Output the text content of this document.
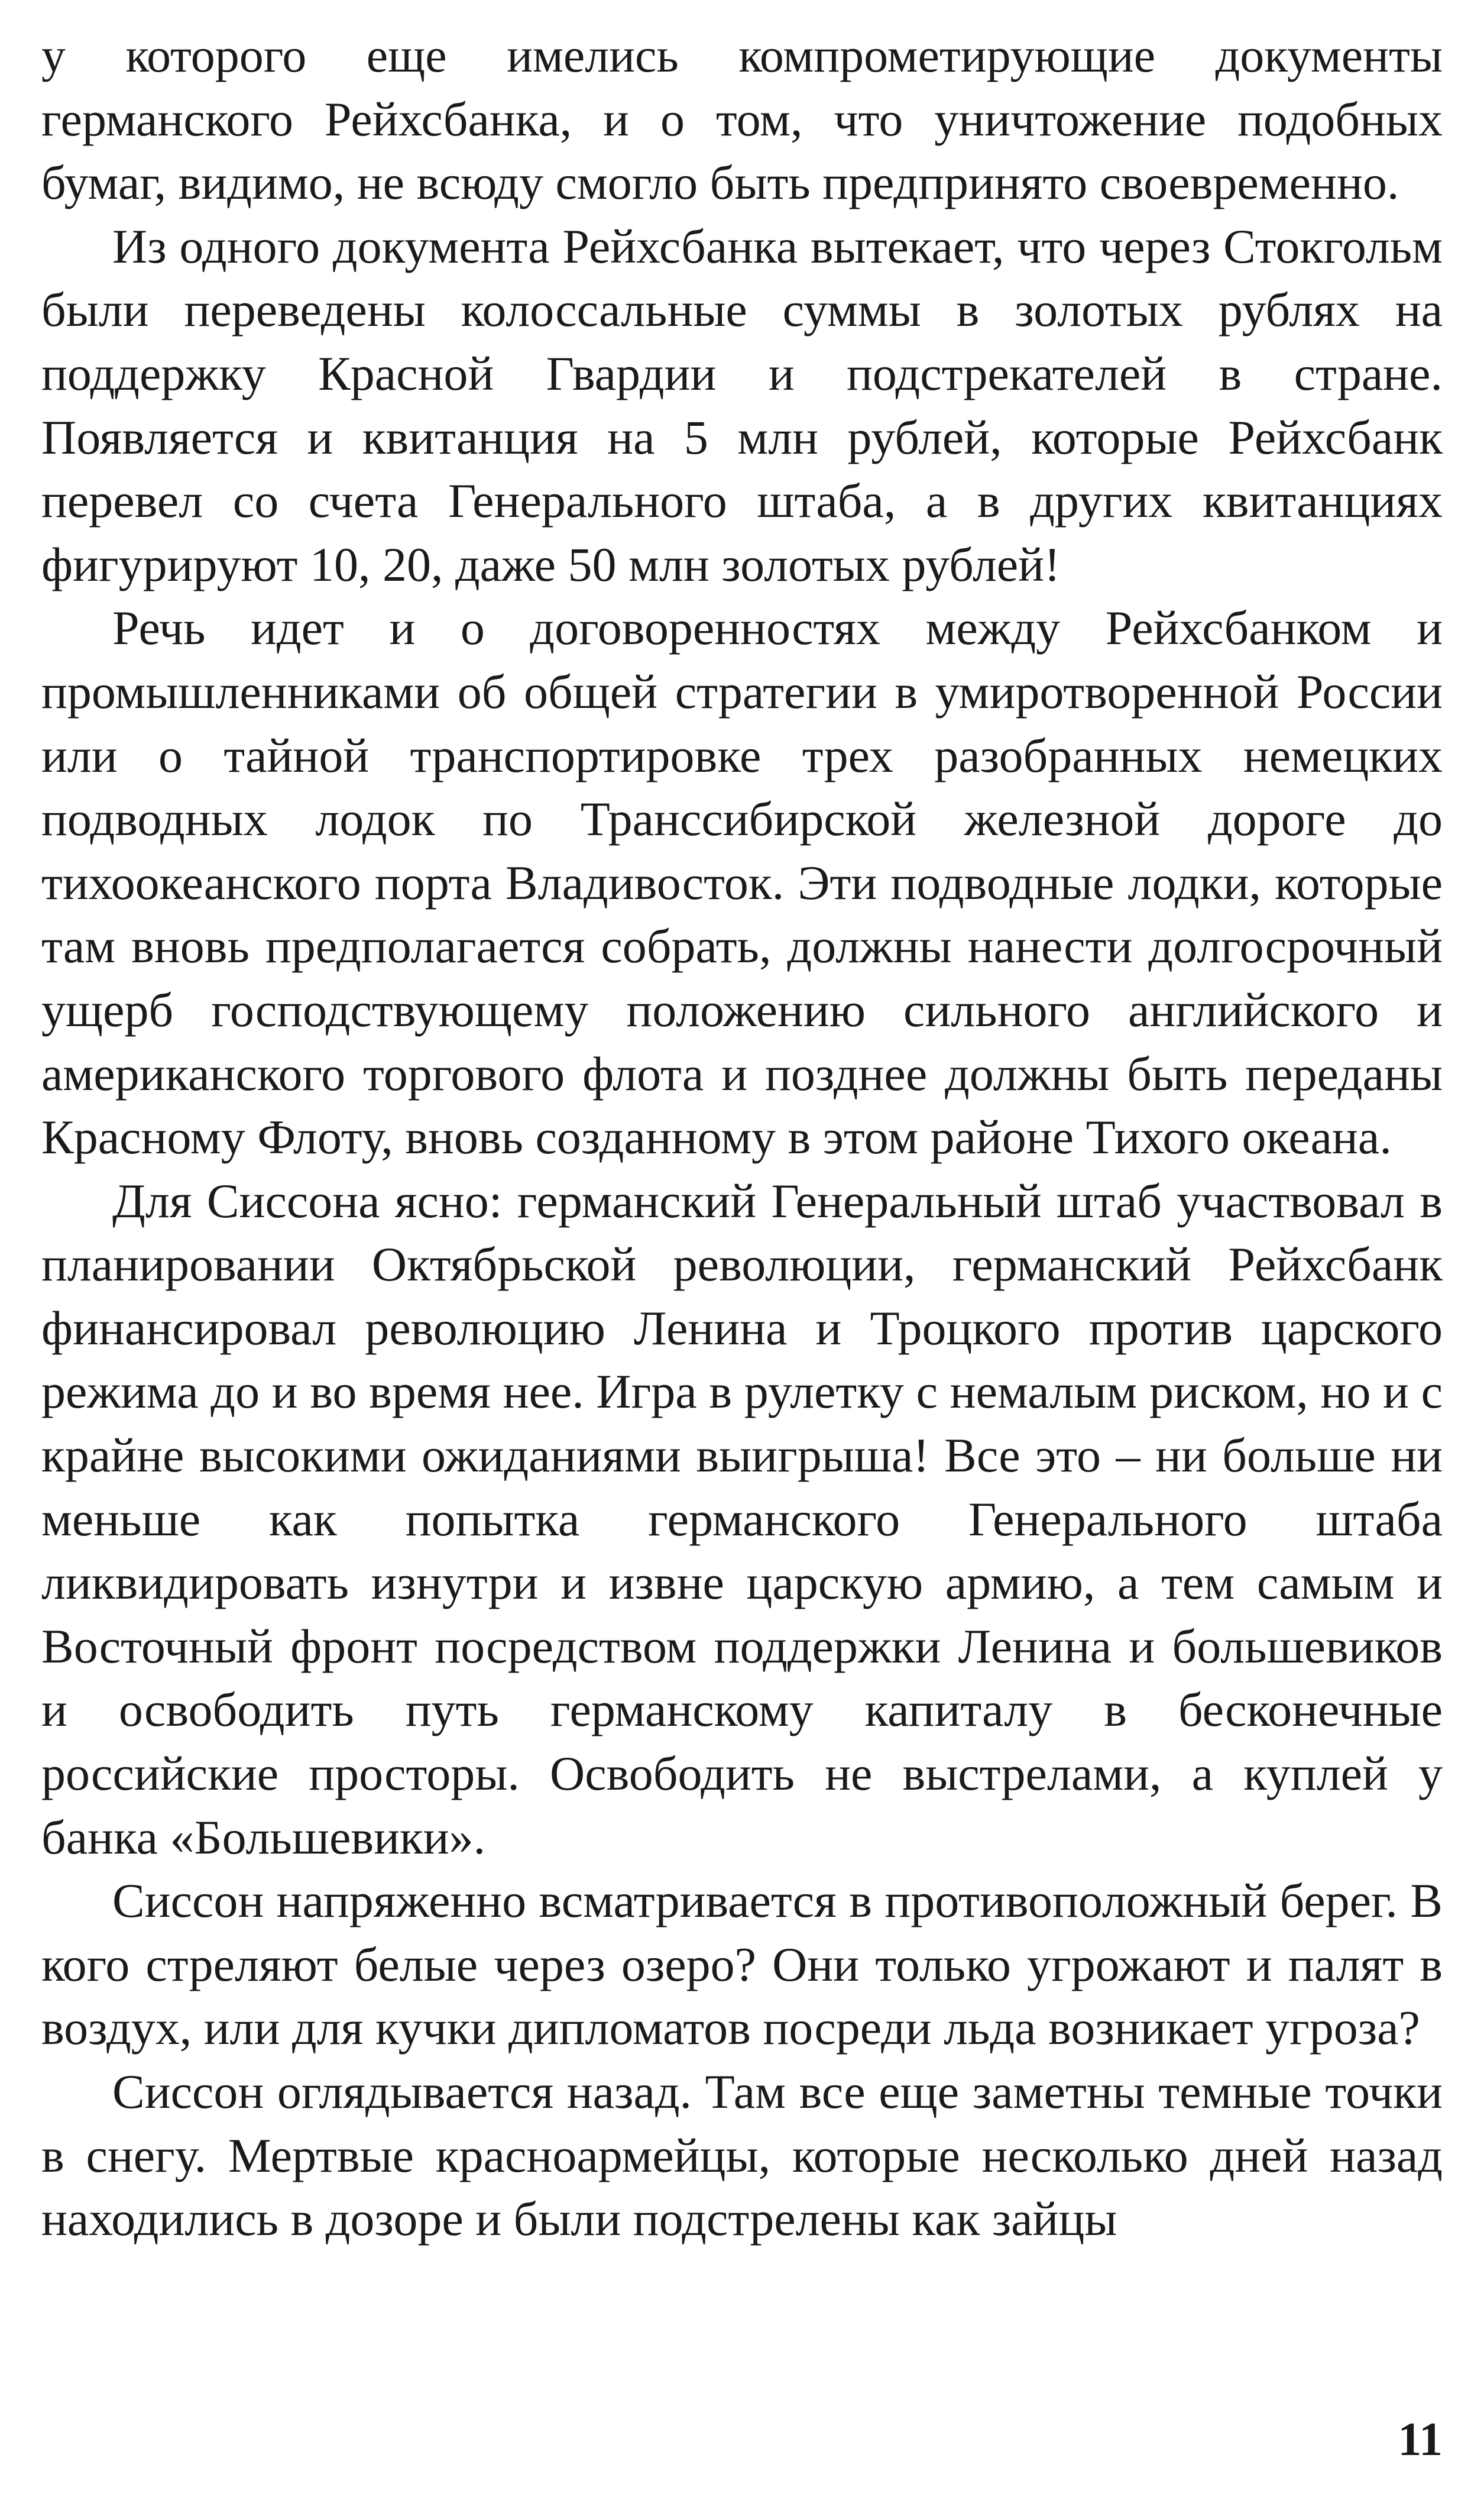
у которого еще имелись компрометирующие документы германского Рейхсбанка, и о том, что уничтожение подобных бумаг, видимо, не всюду смогло быть предпринято своевременно.

Из одного документа Рейхсбанка вытекает, что через Стокгольм были переведены колоссальные суммы в золотых рублях на поддержку Красной Гвардии и подстрекателей в стране. Появляется и квитанция на 5 млн рублей, которые Рейхсбанк перевел со счета Генерального штаба, а в других квитанциях фигурируют 10, 20, даже 50 млн золотых рублей!

Речь идет и о договоренностях между Рейхсбанком и промышленниками об общей стратегии в умиротворенной России или о тайной транспортировке трех разобранных немецких подводных лодок по Транссибирской железной дороге до тихоокеанского порта Владивосток. Эти подводные лодки, которые там вновь предполагается собрать, должны нанести долгосрочный ущерб господствующему положению сильного английского и американского торгового флота и позднее должны быть переданы Красному Флоту, вновь созданному в этом районе Тихого океана.

Для Сиссона ясно: германский Генеральный штаб участвовал в планировании Октябрьской революции, германский Рейхсбанк финансировал революцию Ленина и Троцкого против царского режима до и во время нее. Игра в рулетку с немалым риском, но и с крайне высокими ожиданиями выигрыша! Все это – ни больше ни меньше как попытка германского Генерального штаба ликвидировать изнутри и извне царскую армию, а тем самым и Восточный фронт посредством поддержки Ленина и большевиков и освободить путь германскому капиталу в бесконечные российские просторы. Освободить не выстрелами, а куплей у банка «Большевики».

Сиссон напряженно всматривается в противоположный берег. В кого стреляют белые через озеро? Они только угрожают и палят в воздух, или для кучки дипломатов посреди льда возникает угроза?

Сиссон оглядывается назад. Там все еще заметны темные точки в снегу. Мертвые красноармейцы, которые несколько дней назад находились в дозоре и были подстрелены как зайцы

11
